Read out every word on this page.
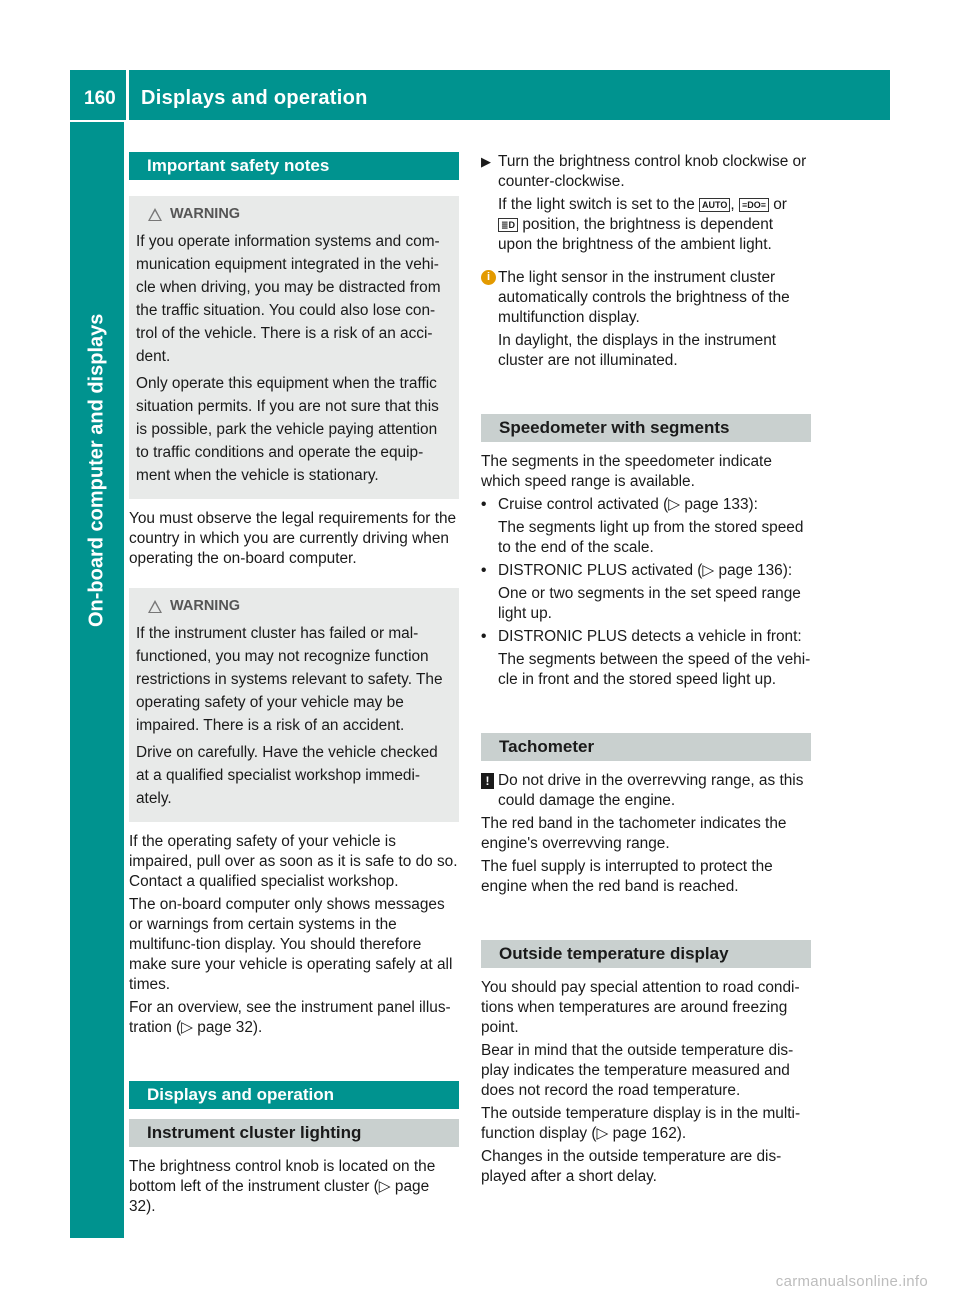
160	Displays and operation
On-board computer and displays
Important safety notes
WARNING

If you operate information systems and com-munication equipment integrated in the vehi-cle when driving, you may be distracted from the traffic situation. You could also lose con-trol of the vehicle. There is a risk of an acci-dent.

Only operate this equipment when the traffic situation permits. If you are not sure that this is possible, park the vehicle paying attention to traffic conditions and operate the equip-ment when the vehicle is stationary.

You must observe the legal requirements for the country in which you are currently driving when operating the on-board computer.

WARNING

If the instrument cluster has failed or mal-functioned, you may not recognize function restrictions in systems relevant to safety. The operating safety of your vehicle may be impaired. There is a risk of an accident.

Drive on carefully. Have the vehicle checked at a qualified specialist workshop immedi-ately.

If the operating safety of your vehicle is impaired, pull over as soon as it is safe to do so. Contact a qualified specialist workshop.

The on-board computer only shows messages or warnings from certain systems in the multifunc-tion display. You should therefore make sure your vehicle is operating safely at all times.

For an overview, see the instrument panel illus-tration (▷ page 32).

Displays and operation
Instrument cluster lighting

The brightness control knob is located on the bottom left of the instrument cluster (▷ page 32).

▶ Turn the brightness control knob clockwise or counter-clockwise.

If the light switch is set to the AUTO , ≡DO≡ or ≣D position, the brightness is dependent upon the brightness of the ambient light.

i The light sensor in the instrument cluster automatically controls the brightness of the multifunction display.

In daylight, the displays in the instrument cluster are not illuminated.

Speedometer with segments

The segments in the speedometer indicate which speed range is available.

• Cruise control activated (▷ page 133):

The segments light up from the stored speed to the end of the scale.

• DISTRONIC PLUS activated (▷ page 136):

One or two segments in the set speed range light up.

• DISTRONIC PLUS detects a vehicle in front:

The segments between the speed of the vehi-cle in front and the stored speed light up.

Tachometer
! Do not drive in the overrevving range, as this could damage the engine.

The red band in the tachometer indicates the engine's overrevving range.

The fuel supply is interrupted to protect the engine when the red band is reached.

Outside temperature display

You should pay special attention to road condi-tions when temperatures are around freezing point.

Bear in mind that the outside temperature dis-play indicates the temperature measured and does not record the road temperature.

The outside temperature display is in the multi-function display (▷ page 162).

Changes in the outside temperature are dis-played after a short delay.

carmanualsonline.info
